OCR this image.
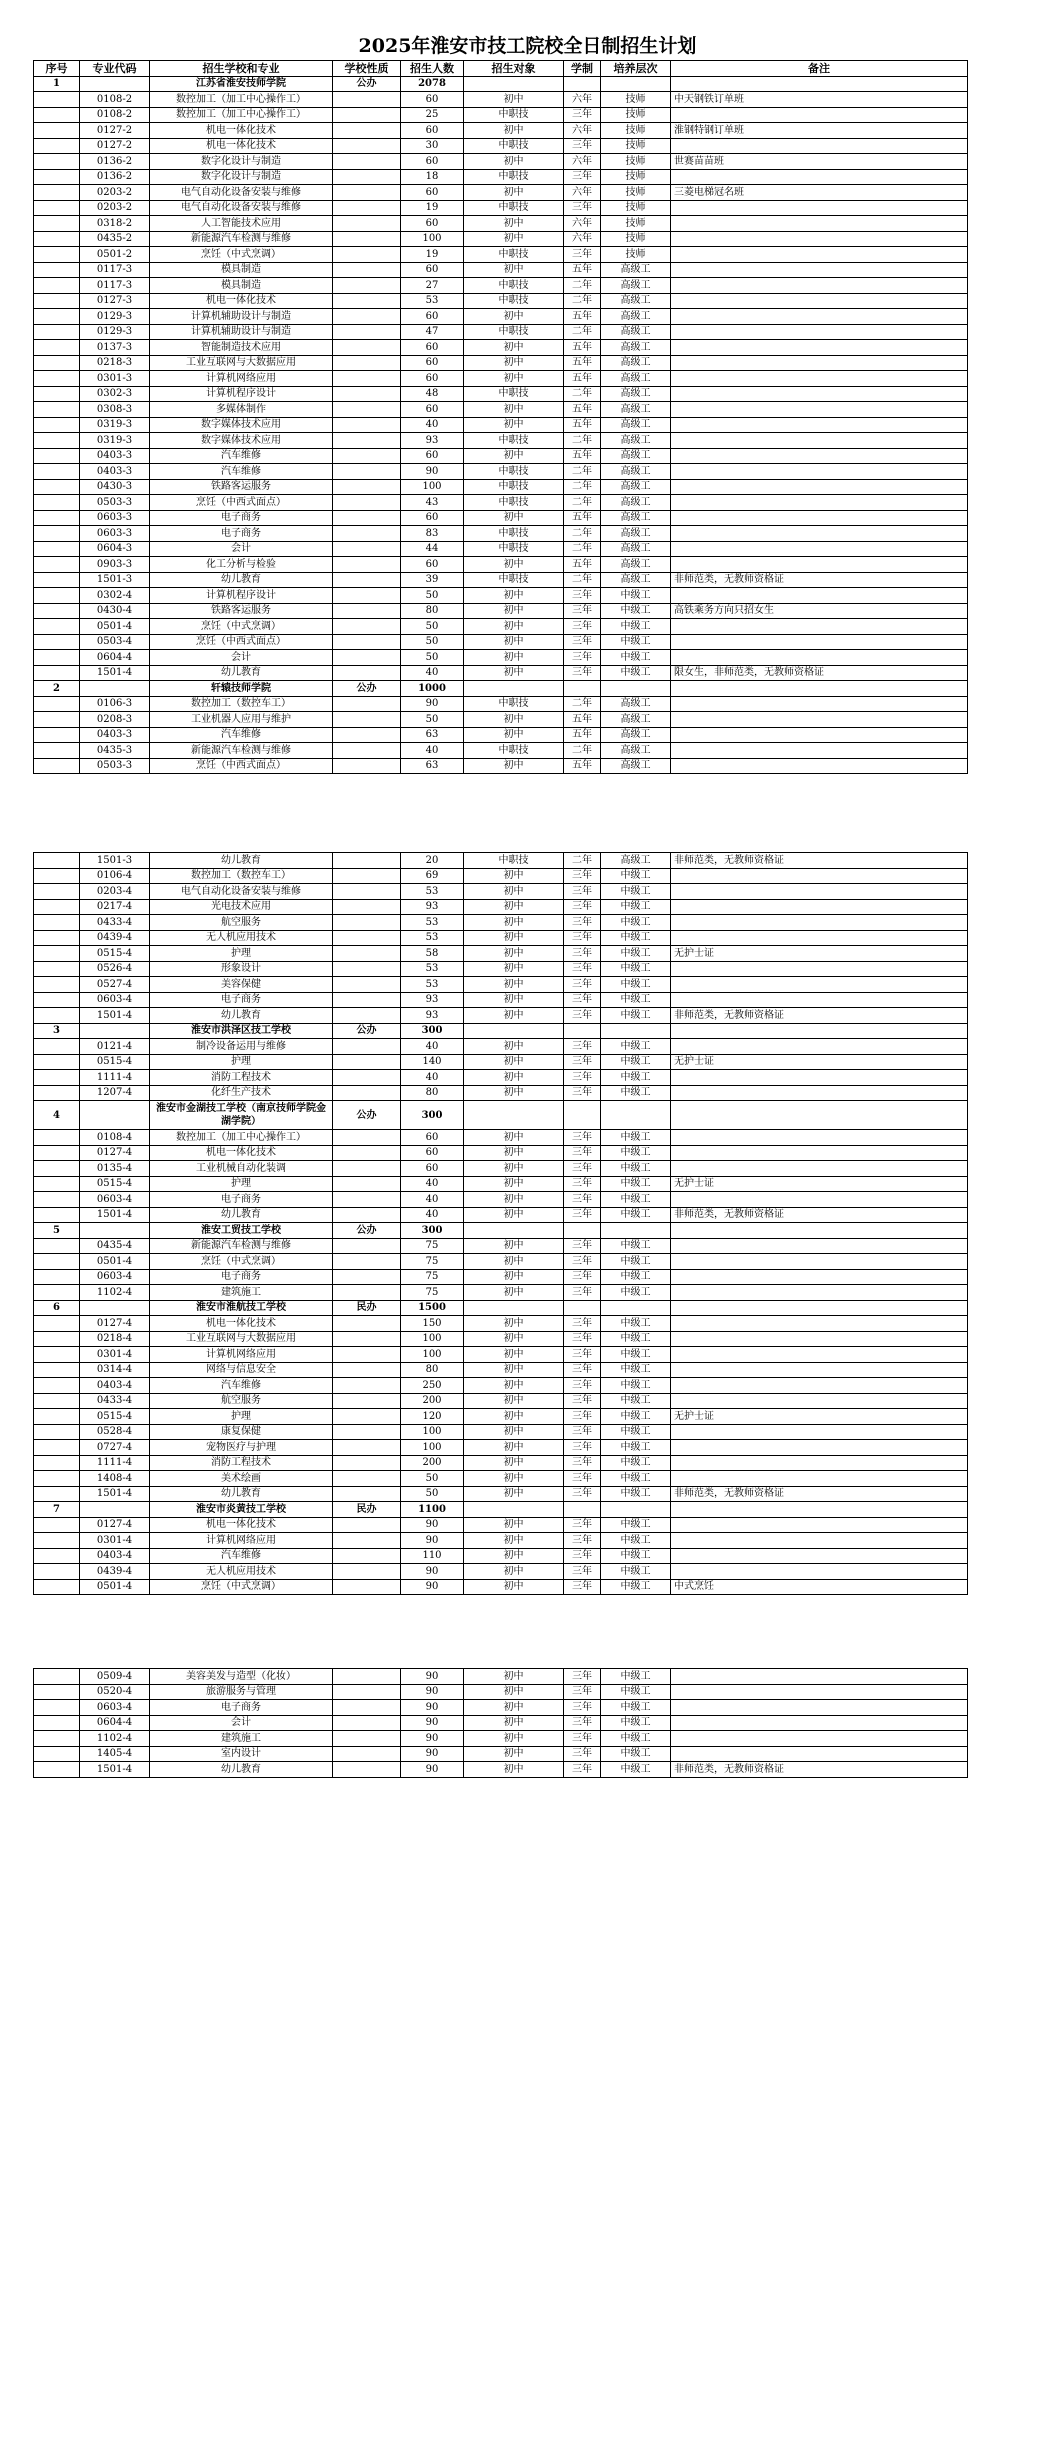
2025年淮安市技工院校全日制招生计划
序号	专业代码	招生学校和专业	学校性质	招生人数	招生对象	学制	培养层次	备注
1		江苏省淮安技师学院	公办	2078				
	0108-2	数控加工（加工中心操作工）		60	初中	六年	技师	中天钢铁订单班
	0108-2	数控加工（加工中心操作工）		25	中职技	三年	技师	
	0127-2	机电一体化技术		60	初中	六年	技师	淮钢特钢订单班
	0127-2	机电一体化技术		30	中职技	三年	技师	
	0136-2	数字化设计与制造		60	初中	六年	技师	世赛苗苗班
	0136-2	数字化设计与制造		18	中职技	三年	技师	
	0203-2	电气自动化设备安装与维修		60	初中	六年	技师	三菱电梯冠名班
	0203-2	电气自动化设备安装与维修		19	中职技	三年	技师	
	0318-2	人工智能技术应用		60	初中	六年	技师	
	0435-2	新能源汽车检测与维修		100	初中	六年	技师	
	0501-2	烹饪（中式烹调）		19	中职技	三年	技师	
	0117-3	模具制造		60	初中	五年	高级工	
	0117-3	模具制造		27	中职技	二年	高级工	
	0127-3	机电一体化技术		53	中职技	二年	高级工	
	0129-3	计算机辅助设计与制造		60	初中	五年	高级工	
	0129-3	计算机辅助设计与制造		47	中职技	二年	高级工	
	0137-3	智能制造技术应用		60	初中	五年	高级工	
	0218-3	工业互联网与大数据应用		60	初中	五年	高级工	
	0301-3	计算机网络应用		60	初中	五年	高级工	
	0302-3	计算机程序设计		48	中职技	二年	高级工	
	0308-3	多媒体制作		60	初中	五年	高级工	
	0319-3	数字媒体技术应用		40	初中	五年	高级工	
	0319-3	数字媒体技术应用		93	中职技	二年	高级工	
	0403-3	汽车维修		60	初中	五年	高级工	
	0403-3	汽车维修		90	中职技	二年	高级工	
	0430-3	铁路客运服务		100	中职技	二年	高级工	
	0503-3	烹饪（中西式面点）		43	中职技	二年	高级工	
	0603-3	电子商务		60	初中	五年	高级工	
	0603-3	电子商务		83	中职技	二年	高级工	
	0604-3	会计		44	中职技	二年	高级工	
	0903-3	化工分析与检验		60	初中	五年	高级工	
	1501-3	幼儿教育		39	中职技	二年	高级工	非师范类，无教师资格证
	0302-4	计算机程序设计		50	初中	三年	中级工	
	0430-4	铁路客运服务		80	初中	三年	中级工	高铁乘务方向只招女生
	0501-4	烹饪（中式烹调）		50	初中	三年	中级工	
	0503-4	烹饪（中西式面点）		50	初中	三年	中级工	
	0604-4	会计		50	初中	三年	中级工	
	1501-4	幼儿教育		40	初中	三年	中级工	限女生，非师范类，无教师资格证
2		轩辕技师学院	公办	1000				
	0106-3	数控加工（数控车工）		90	中职技	二年	高级工	
	0208-3	工业机器人应用与维护		50	初中	五年	高级工	
	0403-3	汽车维修		63	初中	五年	高级工	
	0435-3	新能源汽车检测与维修		40	中职技	二年	高级工	
	0503-3	烹饪（中西式面点）		63	初中	五年	高级工	
	1501-3	幼儿教育		20	中职技	二年	高级工	非师范类，无教师资格证
	0106-4	数控加工（数控车工）		69	初中	三年	中级工	
	0203-4	电气自动化设备安装与维修		53	初中	三年	中级工	
	0217-4	光电技术应用		93	初中	三年	中级工	
	0433-4	航空服务		53	初中	三年	中级工	
	0439-4	无人机应用技术		53	初中	三年	中级工	
	0515-4	护理		58	初中	三年	中级工	无护士证
	0526-4	形象设计		53	初中	三年	中级工	
	0527-4	美容保健		53	初中	三年	中级工	
	0603-4	电子商务		93	初中	三年	中级工	
	1501-4	幼儿教育		93	初中	三年	中级工	非师范类，无教师资格证
3		淮安市洪泽区技工学校	公办	300				
	0121-4	制冷设备运用与维修		40	初中	三年	中级工	
	0515-4	护理		140	初中	三年	中级工	无护士证
	1111-4	消防工程技术		40	初中	三年	中级工	
	1207-4	化纤生产技术		80	初中	三年	中级工	
4		淮安市金湖技工学校（南京技师学院金湖学院）	公办	300				
	0108-4	数控加工（加工中心操作工）		60	初中	三年	中级工	
	0127-4	机电一体化技术		60	初中	三年	中级工	
	0135-4	工业机械自动化装调		60	初中	三年	中级工	
	0515-4	护理		40	初中	三年	中级工	无护士证
	0603-4	电子商务		40	初中	三年	中级工	
	1501-4	幼儿教育		40	初中	三年	中级工	非师范类，无教师资格证
5		淮安工贸技工学校	公办	300				
	0435-4	新能源汽车检测与维修		75	初中	三年	中级工	
	0501-4	烹饪（中式烹调）		75	初中	三年	中级工	
	0603-4	电子商务		75	初中	三年	中级工	
	1102-4	建筑施工		75	初中	三年	中级工	
6		淮安市淮航技工学校	民办	1500				
	0127-4	机电一体化技术		150	初中	三年	中级工	
	0218-4	工业互联网与大数据应用		100	初中	三年	中级工	
	0301-4	计算机网络应用		100	初中	三年	中级工	
	0314-4	网络与信息安全		80	初中	三年	中级工	
	0403-4	汽车维修		250	初中	三年	中级工	
	0433-4	航空服务		200	初中	三年	中级工	
	0515-4	护理		120	初中	三年	中级工	无护士证
	0528-4	康复保健		100	初中	三年	中级工	
	0727-4	宠物医疗与护理		100	初中	三年	中级工	
	1111-4	消防工程技术		200	初中	三年	中级工	
	1408-4	美术绘画		50	初中	三年	中级工	
	1501-4	幼儿教育		50	初中	三年	中级工	非师范类，无教师资格证
7		淮安市炎黄技工学校	民办	1100				
	0127-4	机电一体化技术		90	初中	三年	中级工	
	0301-4	计算机网络应用		90	初中	三年	中级工	
	0403-4	汽车维修		110	初中	三年	中级工	
	0439-4	无人机应用技术		90	初中	三年	中级工	
	0501-4	烹饪（中式烹调）		90	初中	三年	中级工	中式烹饪
	0509-4	美容美发与造型（化妆）		90	初中	三年	中级工	
	0520-4	旅游服务与管理		90	初中	三年	中级工	
	0603-4	电子商务		90	初中	三年	中级工	
	0604-4	会计		90	初中	三年	中级工	
	1102-4	建筑施工		90	初中	三年	中级工	
	1405-4	室内设计		90	初中	三年	中级工	
	1501-4	幼儿教育		90	初中	三年	中级工	非师范类，无教师资格证
